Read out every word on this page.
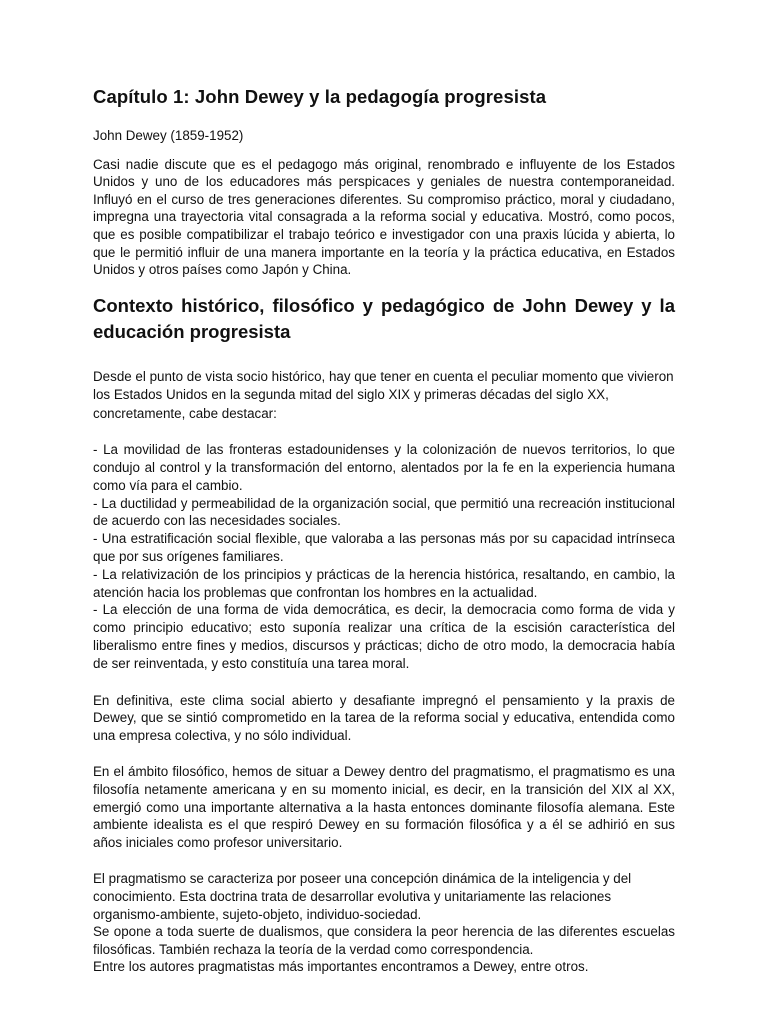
Capítulo 1: John Dewey y la pedagogía progresista

John Dewey (1859-1952)

Casi nadie discute que es el pedagogo más original, renombrado e influyente de los Estados Unidos y uno de los educadores más perspicaces y geniales de nuestra contemporaneidad. Influyó en el curso de tres generaciones diferentes. Su compromiso práctico, moral y ciudadano, impregna una trayectoria vital consagrada a la reforma social y educativa. Mostró, como pocos, que es posible compatibilizar el trabajo teórico e investigador con una praxis lúcida y abierta, lo que le permitió influir de una manera importante en la teoría y la práctica educativa, en Estados Unidos y otros países como Japón y China.

Contexto histórico, filosófico y pedagógico de John Dewey y la educación progresista

Desde el punto de vista socio histórico, hay que tener en cuenta el peculiar momento que vivieron los Estados Unidos en la segunda mitad del siglo XIX y primeras décadas del siglo XX, concretamente, cabe destacar:

- La movilidad de las fronteras estadounidenses y la colonización de nuevos territorios, lo que condujo al control y la transformación del entorno, alentados por la fe en la experiencia humana como vía para el cambio.

- La ductilidad y permeabilidad de la organización social, que permitió una recreación institucional de acuerdo con las necesidades sociales.

- Una estratificación social flexible, que valoraba a las personas más por su capacidad intrínseca que por sus orígenes familiares.

- La relativización de los principios y prácticas de la herencia histórica, resaltando, en cambio, la atención hacia los problemas que confrontan los hombres en la actualidad.

- La elección de una forma de vida democrática, es decir, la democracia como forma de vida y como principio educativo; esto suponía realizar una crítica de la escisión característica del liberalismo entre fines y medios, discursos y prácticas; dicho de otro modo, la democracia había de ser reinventada, y esto constituía una tarea moral.

En definitiva, este clima social abierto y desafiante impregnó el pensamiento y la praxis de Dewey, que se sintió comprometido en la tarea de la reforma social y educativa, entendida como una empresa colectiva, y no sólo individual.

En el ámbito filosófico, hemos de situar a Dewey dentro del pragmatismo, el pragmatismo es una filosofía netamente americana y en su momento inicial, es decir, en la transición del XIX al XX, emergió como una importante alternativa a la hasta entonces dominante filosofía alemana. Este ambiente idealista es el que respiró Dewey en su formación filosófica y a él se adhirió en sus años iniciales como profesor universitario.

El pragmatismo se caracteriza por poseer una concepción dinámica de la inteligencia y del conocimiento. Esta doctrina trata de desarrollar evolutiva y unitariamente las relaciones organismo-ambiente, sujeto-objeto, individuo-sociedad.

Se opone a toda suerte de dualismos, que considera la peor herencia de las diferentes escuelas filosóficas. También rechaza la teoría de la verdad como correspondencia.

Entre los autores pragmatistas más importantes encontramos a Dewey, entre otros.
